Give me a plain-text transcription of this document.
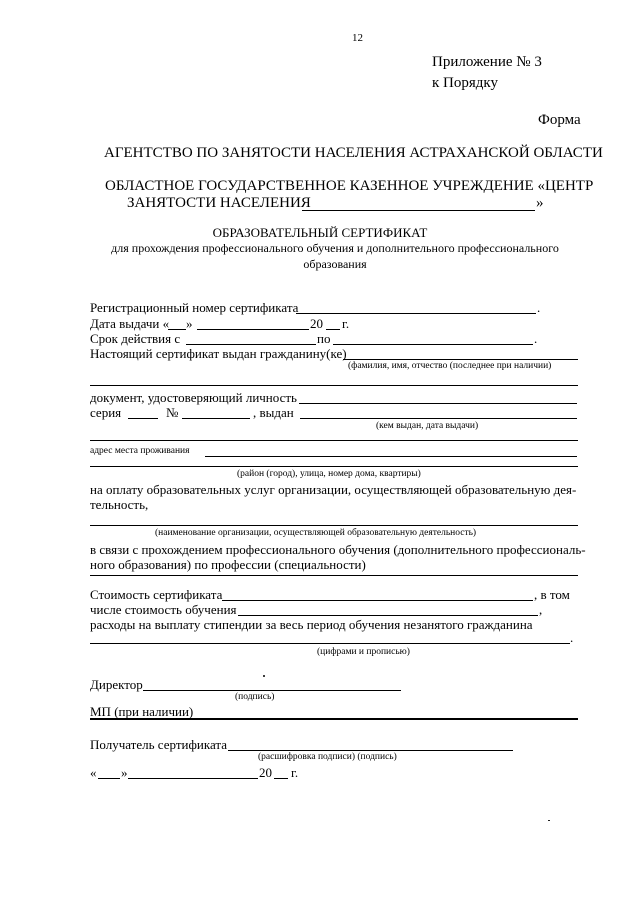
12
Приложение № 3
к Порядку
Форма
АГЕНТСТВО ПО ЗАНЯТОСТИ НАСЕЛЕНИЯ АСТРАХАНСКОЙ ОБЛАСТИ
ОБЛАСТНОЕ ГОСУДАРСТВЕННОЕ КАЗЕННОЕ УЧРЕЖДЕНИЕ «ЦЕНТР
ЗАНЯТОСТИ НАСЕЛЕНИЯ	»
ОБРАЗОВАТЕЛЬНЫЙ СЕРТИФИКАТ
для прохождения профессионального обучения и дополнительного профессионального
образования
Регистрационный номер сертификата	.
Дата выдачи « »	20 г.
Срок действия с	по	.
Настоящий сертификат выдан гражданину(ке)
(фамилия, имя, отчество (последнее при наличии)
документ, удостоверяющий личность
серия	№	, выдан
(кем выдан, дата выдачи)
адрес места проживания
(район (город), улица, номер дома, квартиры)
на оплату образовательных услуг организации, осуществляющей образовательную дея-
тельность,
(наименование организации, осуществляющей образовательную деятельность)
в связи с прохождением профессионального обучения (дополнительного профессиональ-
ного образования) по профессии (специальности)
Стоимость сертификата	, в том
числе стоимость обучения	,
расходы на выплату стипендии за весь период обучения незанятого гражданина
.
(цифрами и прописью)
Директор
(подпись)
МП (при наличии)
Получатель сертификата
(расшифровка подписи) (подпись)
« »	20 г.
